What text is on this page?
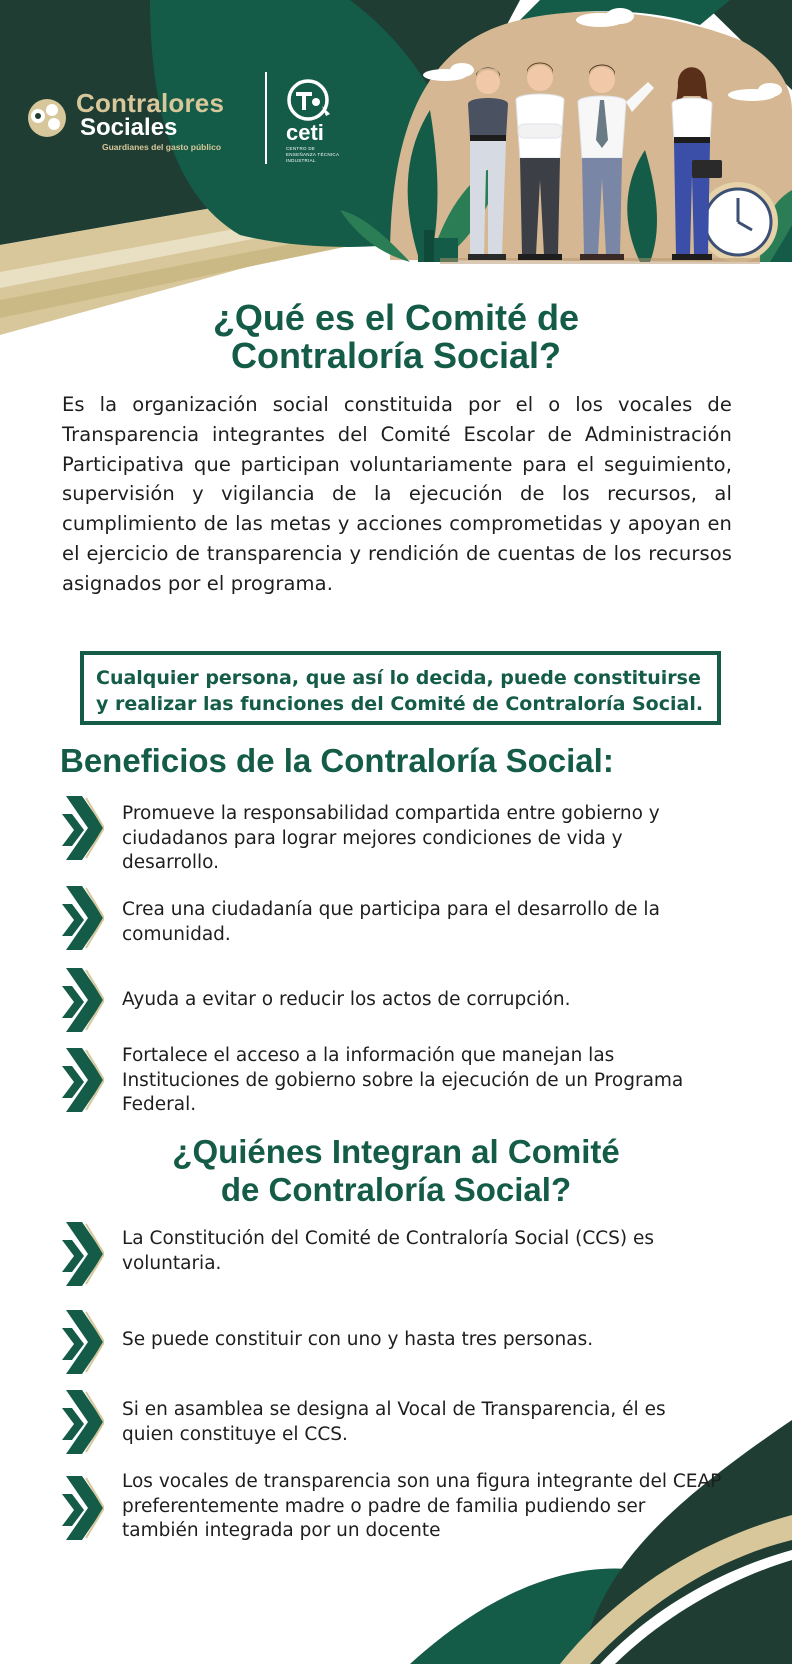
Contralores
Sociales
Guardianes del gasto público
ceti
CENTRO DE ENSEÑANZA TÉCNICA INDUSTRIAL
¿Qué es el Comité de
Contraloría Social?

Es la organización social constituida por el o los vocales de Transparencia integrantes del Comité Escolar de Administración Participativa que participan voluntariamente para el seguimiento, supervisión y vigilancia de la ejecución de los recursos, al cumplimiento de las metas y acciones comprometidas y apoyan en el ejercicio de transparencia y rendición de cuentas de los recursos asignados por el programa.

Cualquier persona, que así lo decida, puede constituirse y realizar las funciones del Comité de Contraloría Social.
Beneficios de la Contraloría Social:
Promueve la responsabilidad compartida entre gobierno y ciudadanos para lograr mejores condiciones de vida y desarrollo.
Crea una ciudadanía que participa para el desarrollo de la comunidad.
Ayuda a evitar o reducir los actos de corrupción.
Fortalece el acceso a la información que manejan las Instituciones de gobierno sobre la ejecución de un Programa Federal.
¿Quiénes Integran al Comité
de Contraloría Social?
La Constitución del Comité de Contraloría Social (CCS) es voluntaria.
Se puede constituir con uno y hasta tres personas.
Si en asamblea se designa al Vocal de Transparencia, él es quien constituye el CCS.
Los vocales de transparencia son una figura integrante del CEAP preferentemente madre o padre de familia pudiendo ser también integrada por un docente
